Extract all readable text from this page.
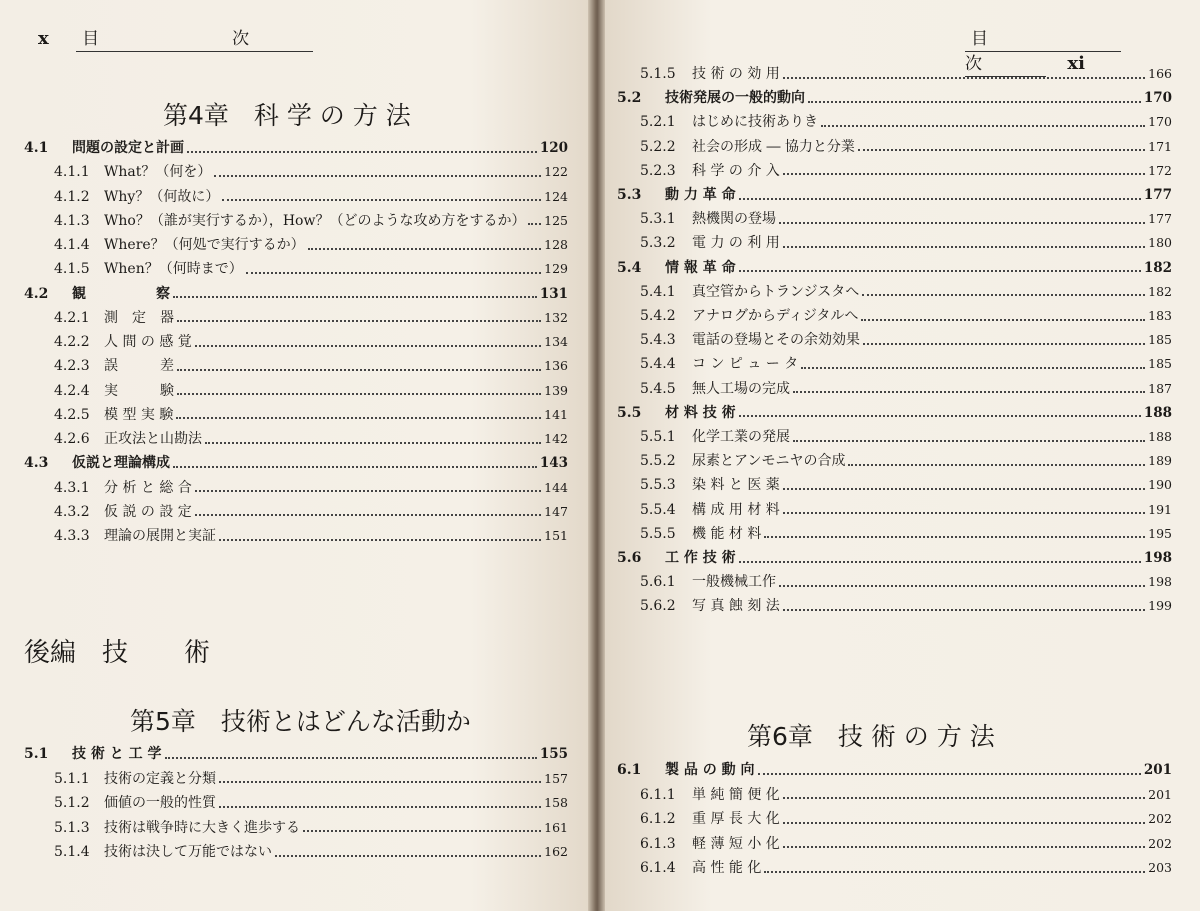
x 目　次
第4章　科 学 の 方 法
4.1	問題の設定と計画	120
4.1.1	What？（何を）	122
4.1.2	Why？（何故に）	124
4.1.3	Who？（誰が実行するか），How？（どのような攻め方をするか） 125
4.1.4	Where？（何処で実行するか）	128
4.1.5	When？（何時まで）	129
4.2	観　　　　　察	131
4.2.1	測　定　器	132
4.2.2	人 間 の 感 覚	134
4.2.3	誤　　　差	136
4.2.4	実　　　験	139
4.2.5	模 型 実 験	141
4.2.6	正攻法と山勘法	142
4.3	仮説と理論構成	143
4.3.1	分 析 と 総 合	144
4.3.2	仮 説 の 設 定	147
4.3.3	理論の展開と実証	151
後編　技 術
第5章　技術とはどんな活動か
5.1	技 術 と 工 学	155
5.1.1	技術の定義と分類	157
5.1.2	価値の一般的性質	158
5.1.3	技術は戦争時に大きく進歩する	161
5.1.4	技術は決して万能ではない	162
目　次 xi
5.1.5	技 術 の 効 用	166
5.2	技術発展の一般的動向	170
5.2.1	はじめに技術ありき	170
5.2.2	社会の形成 ― 協力と分業	171
5.2.3	科 学 の 介 入	172
5.3	動 力 革 命	177
5.3.1	熱機関の登場	177
5.3.2	電 力 の 利 用	180
5.4	情 報 革 命	182
5.4.1	真空管からトランジスタへ	182
5.4.2	アナログからディジタルへ	183
5.4.3	電話の登場とその余効効果	185
5.4.4	コ ン ピ ュ ー タ	185
5.4.5	無人工場の完成	187
5.5	材 料 技 術	188
5.5.1	化学工業の発展	188
5.5.2	尿素とアンモニヤの合成	189
5.5.3	染 料 と 医 薬	190
5.5.4	構 成 用 材 料	191
5.5.5	機 能 材 料	195
5.6	工 作 技 術	198
5.6.1	一般機械工作	198
5.6.2	写 真 蝕 刻 法	199
第6章　技 術 の 方 法
6.1	製 品 の 動 向	201
6.1.1	単 純 簡 便 化	201
6.1.2	重 厚 長 大 化	202
6.1.3	軽 薄 短 小 化	202
6.1.4	高 性 能 化	203
